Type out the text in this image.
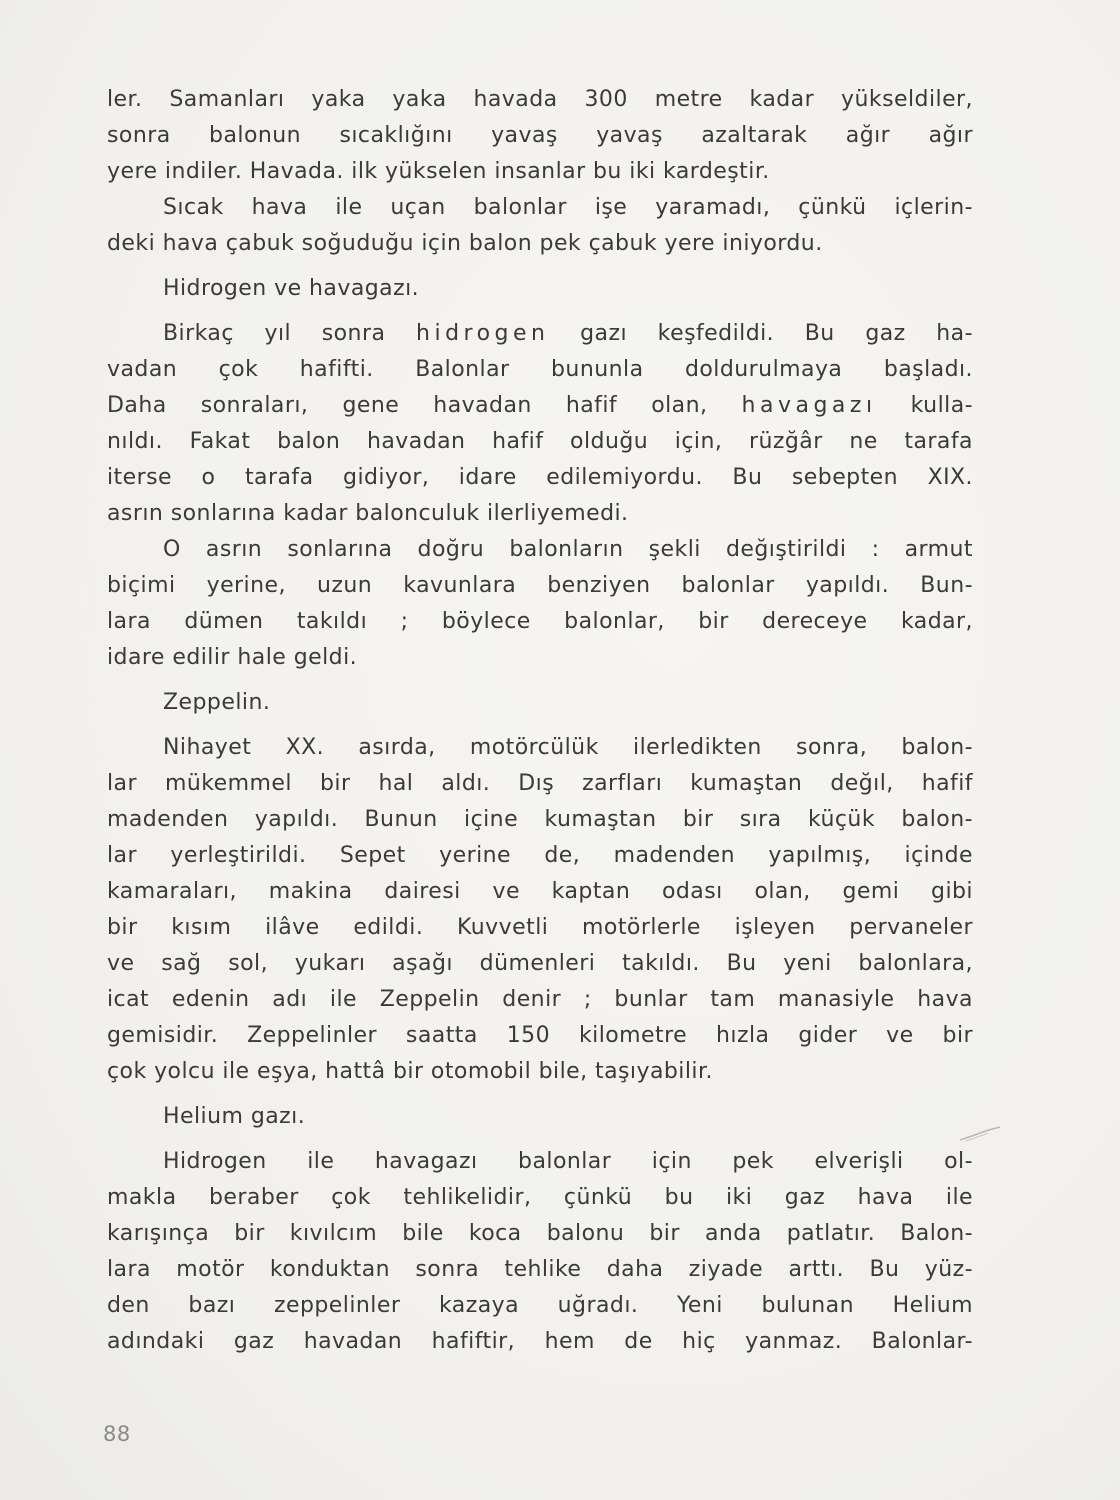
ler. Samanları yaka yaka havada 300 metre kadar yükseldiler,
sonra balonun sıcaklığını yavaş yavaş azaltarak ağır ağır
yere indiler. Havada. ilk yükselen insanlar bu iki kardeştir.
Sıcak hava ile uçan balonlar işe yaramadı, çünkü içlerin-
deki hava çabuk soğuduğu için balon pek çabuk yere iniyordu.
Hidrogen ve havagazı.
Birkaç yıl sonra hidrogen gazı keşfedildi. Bu gaz ha-
vadan çok hafifti. Balonlar bununla doldurulmaya başladı.
Daha sonraları, gene havadan hafif olan, havagazı kulla-
nıldı. Fakat balon havadan hafif olduğu için, rüzğâr ne tarafa
iterse o tarafa gidiyor, idare edilemiyordu. Bu sebepten XIX.
asrın sonlarına kadar balonculuk ilerliyemedi.
O asrın sonlarına doğru balonların şekli değıştirildi : armut
biçimi yerine, uzun kavunlara benziyen balonlar yapıldı. Bun-
lara dümen takıldı ; böylece balonlar, bir dereceye kadar,
idare edilir hale geldi.
Zeppelin.
Nihayet XX. asırda, motörcülük ilerledikten sonra, balon-
lar mükemmel bir hal aldı. Dış zarfları kumaştan değıl, hafif
madenden yapıldı. Bunun içine kumaştan bir sıra küçük balon-
lar yerleştirildi. Sepet yerine de, madenden yapılmış, içinde
kamaraları, makina dairesi ve kaptan odası olan, gemi gibi
bir kısım ilâve edildi. Kuvvetli motörlerle işleyen pervaneler
ve sağ sol, yukarı aşağı dümenleri takıldı. Bu yeni balonlara,
icat edenin adı ile Zeppelin denir ; bunlar tam manasiyle hava
gemisidir. Zeppelinler saatta 150 kilometre hızla gider ve bir
çok yolcu ile eşya, hattâ bir otomobil bile, taşıyabilir.
Helium gazı.
Hidrogen ile havagazı balonlar için pek elverişli ol-
makla beraber çok tehlikelidir, çünkü bu iki gaz hava ile
karışınça bir kıvılcım bile koca balonu bir anda patlatır. Balon-
lara motör konduktan sonra tehlike daha ziyade arttı. Bu yüz-
den bazı zeppelinler kazaya uğradı. Yeni bulunan Helium
adındaki gaz havadan hafiftir, hem de hiç yanmaz. Balonlar-
88
